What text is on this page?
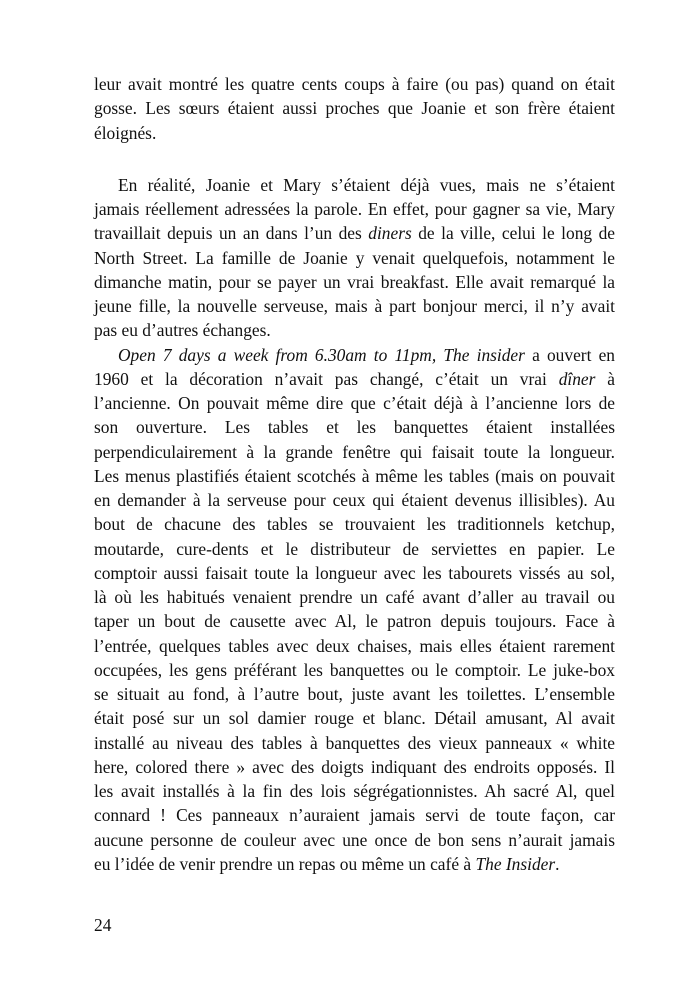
leur avait montré les quatre cents coups à faire (ou pas) quand on était
gosse. Les sœurs étaient aussi proches que Joanie et son frère étaient
éloignés.
En réalité, Joanie et Mary s’étaient déjà vues, mais ne s’étaient
jamais réellement adressées la parole. En effet, pour gagner sa vie, Mary
travaillait depuis un an dans l’un des diners de la ville, celui le long de
North Street. La famille de Joanie y venait quelquefois, notamment le
dimanche matin, pour se payer un vrai breakfast. Elle avait remarqué la
jeune fille, la nouvelle serveuse, mais à part bonjour merci, il n’y avait
pas eu d’autres échanges.
Open 7 days a week from 6.30am to 11pm, The insider a ouvert en
1960 et la décoration n’avait pas changé, c’était un vrai dîner à
l’ancienne. On pouvait même dire que c’était déjà à l’ancienne lors de
son ouverture. Les tables et les banquettes étaient installées
perpendiculairement à la grande fenêtre qui faisait toute la longueur.
Les menus plastifiés étaient scotchés à même les tables (mais on pouvait
en demander à la serveuse pour ceux qui étaient devenus illisibles). Au
bout de chacune des tables se trouvaient les traditionnels ketchup,
moutarde, cure-dents et le distributeur de serviettes en papier. Le
comptoir aussi faisait toute la longueur avec les tabourets vissés au sol,
là où les habitués venaient prendre un café avant d’aller au travail ou
taper un bout de causette avec Al, le patron depuis toujours. Face à
l’entrée, quelques tables avec deux chaises, mais elles étaient rarement
occupées, les gens préférant les banquettes ou le comptoir. Le juke-box
se situait au fond, à l’autre bout, juste avant les toilettes. L’ensemble
était posé sur un sol damier rouge et blanc. Détail amusant, Al avait
installé au niveau des tables à banquettes des vieux panneaux « white
here, colored there » avec des doigts indiquant des endroits opposés. Il
les avait installés à la fin des lois ségrégationnistes. Ah sacré Al, quel
connard ! Ces panneaux n’auraient jamais servi de toute façon, car
aucune personne de couleur avec une once de bon sens n’aurait jamais
eu l’idée de venir prendre un repas ou même un café à The Insider.
24
